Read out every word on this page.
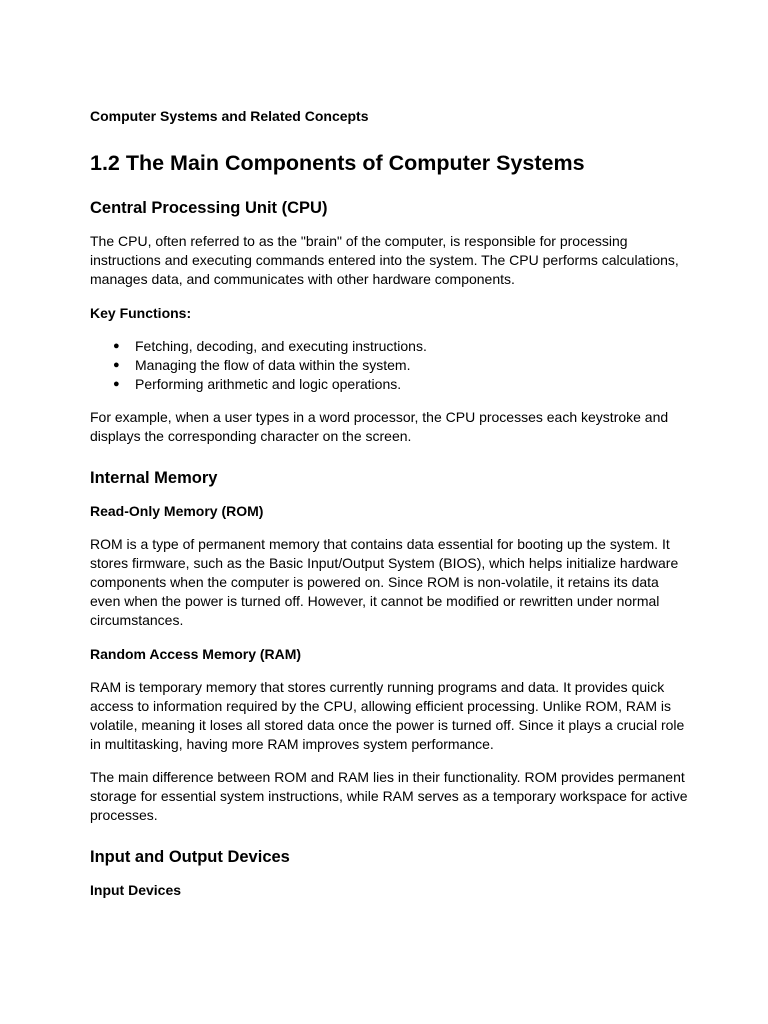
Computer Systems and Related Concepts
1.2 The Main Components of Computer Systems
Central Processing Unit (CPU)

The CPU, often referred to as the "brain" of the computer, is responsible for processing instructions and executing commands entered into the system. The CPU performs calculations, manages data, and communicates with other hardware components.

Key Functions:
● Fetching, decoding, and executing instructions.
● Managing the flow of data within the system.
● Performing arithmetic and logic operations.

For example, when a user types in a word processor, the CPU processes each keystroke and displays the corresponding character on the screen.

Internal Memory
Read-Only Memory (ROM)

ROM is a type of permanent memory that contains data essential for booting up the system. It stores firmware, such as the Basic Input/Output System (BIOS), which helps initialize hardware components when the computer is powered on. Since ROM is non-volatile, it retains its data even when the power is turned off. However, it cannot be modified or rewritten under normal circumstances.

Random Access Memory (RAM)

RAM is temporary memory that stores currently running programs and data. It provides quick access to information required by the CPU, allowing efficient processing. Unlike ROM, RAM is volatile, meaning it loses all stored data once the power is turned off. Since it plays a crucial role in multitasking, having more RAM improves system performance.

The main difference between ROM and RAM lies in their functionality. ROM provides permanent storage for essential system instructions, while RAM serves as a temporary workspace for active processes.

Input and Output Devices
Input Devices
